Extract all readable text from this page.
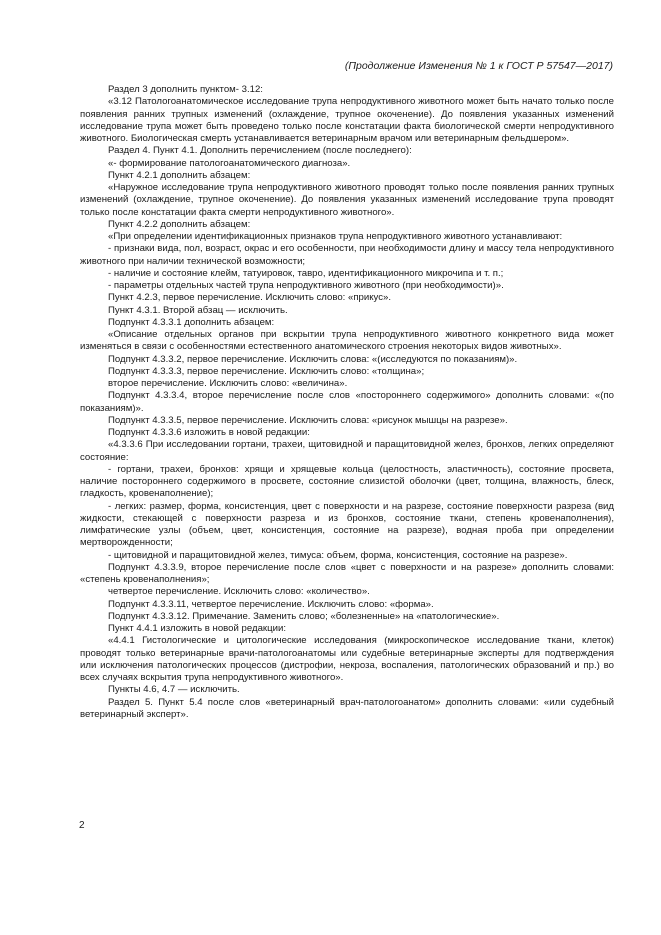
(Продолжение Изменения № 1 к ГОСТ Р 57547—2017)

Раздел 3 дополнить пунктом- 3.12:

«3.12 Патологоанатомическое исследование трупа непродуктивного животного может быть начато только после появления ранних трупных изменений (охлаждение, трупное окоченение). До появления указанных изменений исследование трупа может быть проведено только после констатации факта биологической смерти непродуктивного животного. Биологическая смерть устанавливается ветеринарным врачом или ветеринарным фельдшером».

Раздел 4. Пункт 4.1. Дополнить перечислением (после последнего):

«- формирование патологоанатомического диагноза».

Пункт 4.2.1 дополнить абзацем:

«Наружное исследование трупа непродуктивного животного проводят только после появления ранних трупных изменений (охлаждение, трупное окоченение). До появления указанных изменений исследование трупа проводят только после констатации факта смерти непродуктивного животного».

Пункт 4.2.2 дополнить абзацем:

«При определении идентификационных признаков трупа непродуктивного животного устанавливают:

- признаки вида, пол, возраст, окрас и его особенности, при необходимости длину и массу тела непродуктивного животного при наличии технической возможности;

- наличие и состояние клейм, татуировок, тавро, идентификационного микрочипа и т. п.;

- параметры отдельных частей трупа непродуктивного животного (при необходимости)».

Пункт 4.2.3, первое перечисление. Исключить слово: «прикус».

Пункт 4.3.1. Второй абзац — исключить.

Подпункт 4.3.3.1 дополнить абзацем:

«Описание отдельных органов при вскрытии трупа непродуктивного животного конкретного вида может изменяться в связи с особенностями естественного анатомического строения некоторых видов животных».

Подпункт 4.3.3.2, первое перечисление. Исключить слова: «(исследуются по показаниям)».

Подпункт 4.3.3.3, первое перечисление. Исключить слово: «толщина»;

второе перечисление. Исключить слово: «величина».

Подпункт 4.3.3.4, второе перечисление после слов «постороннего содержимого» дополнить словами: «(по показаниям)».

Подпункт 4.3.3.5, первое перечисление. Исключить слова: «рисунок мышцы на разрезе».

Подпункт 4.3.3.6 изложить в новой редакции:

«4.3.3.6 При исследовании гортани, трахеи, щитовидной и паращитовидной желез, бронхов, легких определяют состояние:

- гортани, трахеи, бронхов: хрящи и хрящевые кольца (целостность, эластичность), состояние просвета, наличие постороннего содержимого в просвете, состояние слизистой оболочки (цвет, толщина, влажность, блеск, гладкость, кровенаполнение);

- легких: размер, форма, консистенция, цвет с поверхности и на разрезе, состояние поверхности разреза (вид жидкости, стекающей с поверхности разреза и из бронхов, состояние ткани, степень кровенаполнения), лимфатические узлы (объем, цвет, консистенция, состояние на разрезе), водная проба при определении мертворожденности;

- щитовидной и паращитовидной желез, тимуса: объем, форма, консистенция, состояние на разрезе».

Подпункт 4.3.3.9, второе перечисление после слов «цвет с поверхности и на разрезе» дополнить словами: «степень кровенаполнения»;

четвертое перечисление. Исключить слово: «количество».

Подпункт 4.3.3.11, четвертое перечисление. Исключить слово: «форма».

Подпункт 4.3.3.12. Примечание. Заменить слово; «болезненные» на «патологические».

Пункт 4.4.1 изложить в новой редакции:

«4.4.1 Гистологические и цитологические исследования (микроскопическое исследование ткани, клеток) проводят только ветеринарные врачи-патологоанатомы или судебные ветеринарные эксперты для подтверждения или исключения патологических процессов (дистрофии, некроза, воспаления, патологических образований и пр.) во всех случаях вскрытия трупа непродуктивного животного».

Пункты 4.6, 4.7 — исключить.

Раздел 5. Пункт 5.4 после слов «ветеринарный врач-патологоанатом» дополнить словами: «или судебный ветеринарный эксперт».

2
